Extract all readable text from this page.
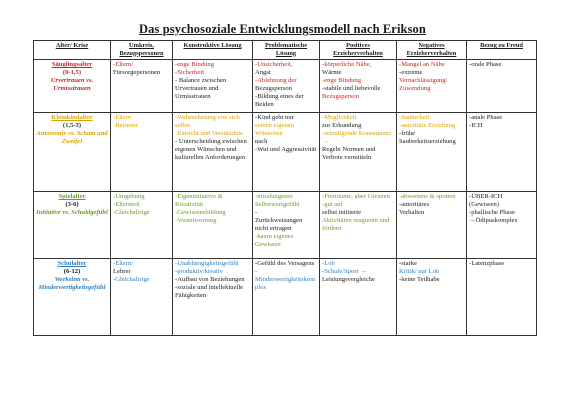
Das psychosoziale Entwicklungsmodell nach Erikson
Alter/ Krise	Umkreis, Bezugspersonen	Konstruktive Lösung	Problematische Lösung	Positives Erzieherverhalten	Negatives Erzieherverhalten	Bezug zu Freud

Säuglingsalter
(0-1,5)
Urvertrauen vs. Urmisstrauen	-Eltern/
Fürsorgepersonen	-enge Bindung
-Sicherheit
- Balance zwischen Urvertrauen und Urmisstrauen	-Unsicherheit,
Angst
-Ablehnung der
Bezugsperson
-Bildung eines der Beiden	-körperliche Nähe,
Wärme
-enge Bindung
-stabile und liebevolle
Bezugsperson	-Mangel an Nähe
-extreme
Vernachlässigung/ Zuwendung	-orale Phase

Kleinkindalter
(1,5-3)
Autonomie vs. Scham und Zweifel	-Eltern
-Betreuer	-Wahrnehmung von sich selbst
-Einsicht und Verständnis
- Unterscheidung zwischen eigenen Wünschen und kulturellen Anforderungen	-Kind geht nur
seinen eigenen Wünschen
nach
-Wut und Aggressivität	-Möglichkeit
zur Erkundung
-ermutigende Konsequenz →
Regeln Normen und Verbote vermitteln	-Sauberkeit
-autoritäre Erziehung
-frühe Sauberkeitserziehung	-anale Phase
-ICH

Spielalter
(3-6)
Initiative vs. Schuldgefühl	-Umgebung
-Elternteil
-Gleichaltrige	-Eigeninitiative & Kreativität
-Gewissensbildung
-Verantwortung	-misslungenes Selbstwertgefühl
-
Zurückweisungen nicht ertragen
-kaum eigenes Gewissen	-Freiräume, aber Grenzen
-gut auf
selbst initiierte
Aktivitäten reagieren und fördern	-abwertens & spotten
-autoritäres
Verhalten	-ÜBER-ICH
(Gewissen)
-phallische Phase
→Ödipuskomplex

Schulalter
(6-12)
Werksinn vs. Minderwertigkeitsgefühl	-Eltern/
Lehrer
-Gleichaltrige	-Unabhängigkeitsgefühl
-produktiv/kreativ
-Aufbau von Beziehungen
-soziale und intellektuelle Fähigkeiten	-Gefühl des Versagens
-Minderwertigkeitskomplex	-Lob
-Schule/Sport →
Leistungsvergleiche	-starke
Kritik/ nur Lob
-keine Teilhabe	-Latenzphase
